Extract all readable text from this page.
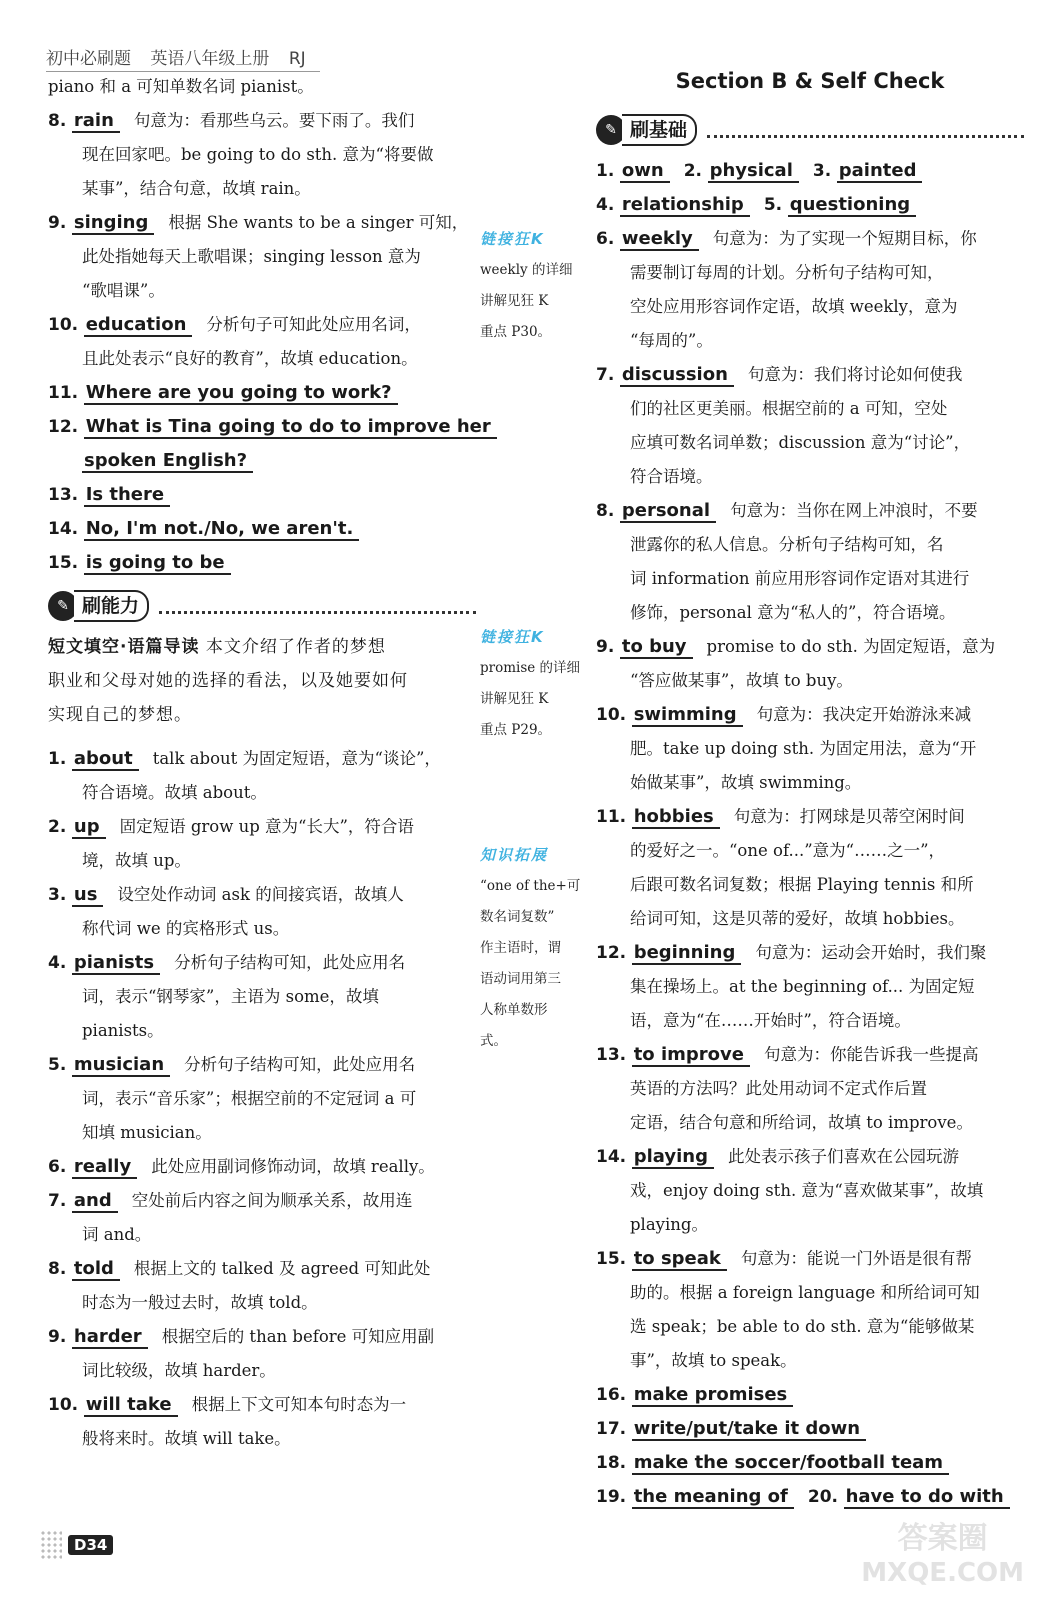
初中必刷题 英语八年级上册 RJ

piano 和 a 可知单数名词 pianist。

8. rain 句意为：看那些乌云。要下雨了。我们

现在回家吧。be going to do sth. 意为“将要做

某事”，结合句意，故填 rain。

9. singing 根据 She wants to be a singer 可知，

此处指她每天上歌唱课；singing lesson 意为

“歌唱课”。

10. education 分析句子可知此处应用名词，

且此处表示“良好的教育”，故填 education。

11. Where are you going to work?

12. What is Tina going to do to improve her

spoken English?

13. Is there

14. No, I'm not./No, we aren't.

15. is going to be

✎ 刷能力
短文填空·语篇导读 本文介绍了作者的梦想
职业和父母对她的选择的看法，以及她要如何
实现自己的梦想。

1. about talk about 为固定短语，意为“谈论”，

符合语境。故填 about。

2. up 固定短语 grow up 意为“长大”，符合语

境，故填 up。

3. us 设空处作动词 ask 的间接宾语，故填人

称代词 we 的宾格形式 us。

4. pianists 分析句子结构可知，此处应用名

词，表示“钢琴家”，主语为 some，故填

pianists。

5. musician 分析句子结构可知，此处应用名

词，表示“音乐家”；根据空前的不定冠词 a 可

知填 musician。

6. really 此处应用副词修饰动词，故填 really。

7. and 空处前后内容之间为顺承关系，故用连

词 and。

8. told 根据上文的 talked 及 agreed 可知此处

时态为一般过去时，故填 told。

9. harder 根据空后的 than before 可知应用副

词比较级，故填 harder。

10. will take 根据上下文可知本句时态为一

般将来时。故填 will take。

Section B & Self Check

✎ 刷基础

1. own 2. physical 3. painted

4. relationship 5. questioning

6. weekly 句意为：为了实现一个短期目标，你

需要制订每周的计划。分析句子结构可知，

空处应用形容词作定语，故填 weekly，意为

“每周的”。

7. discussion 句意为：我们将讨论如何使我

们的社区更美丽。根据空前的 a 可知，空处

应填可数名词单数；discussion 意为“讨论”，

符合语境。

8. personal 句意为：当你在网上冲浪时，不要

泄露你的私人信息。分析句子结构可知，名

词 information 前应用形容词作定语对其进行

修饰，personal 意为“私人的”，符合语境。

9. to buy promise to do sth. 为固定短语，意为

“答应做某事”，故填 to buy。

10. swimming 句意为：我决定开始游泳来减

肥。take up doing sth. 为固定用法，意为“开

始做某事”，故填 swimming。

11. hobbies 句意为：打网球是贝蒂空闲时间

的爱好之一。“one of...”意为“……之一”，

后跟可数名词复数；根据 Playing tennis 和所

给词可知，这是贝蒂的爱好，故填 hobbies。

12. beginning 句意为：运动会开始时，我们聚

集在操场上。at the beginning of... 为固定短

语，意为“在……开始时”，符合语境。

13. to improve 句意为：你能告诉我一些提高

英语的方法吗？此处用动词不定式作后置

定语，结合句意和所给词，故填 to improve。

14. playing 此处表示孩子们喜欢在公园玩游

戏，enjoy doing sth. 意为“喜欢做某事”，故填

playing。

15. to speak 句意为：能说一门外语是很有帮

助的。根据 a foreign language 和所给词可知

选 speak；be able to do sth. 意为“能够做某

事”，故填 to speak。

16. make promises

17. write/put/take it down

18. make the soccer/football team

19. the meaning of 20. have to do with

链接狂K
weekly 的详细
讲解见狂 K
重点 P30。
链接狂K
promise 的详细
讲解见狂 K
重点 P29。
知识拓展
“one of the+可
数名词复数”
作主语时，谓
语动词用第三
人称单数形
式。
D34	答案圈
MXQE.COM
